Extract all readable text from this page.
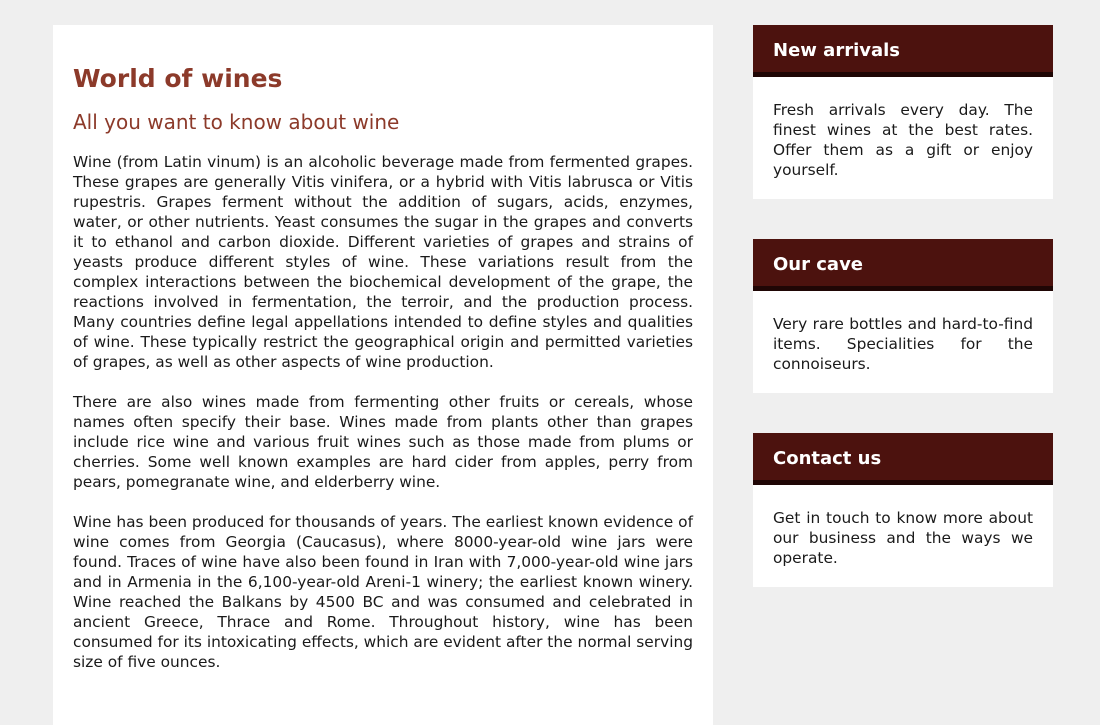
World of wines
All you want to know about wine

Wine (from Latin vinum) is an alcoholic beverage made from fermented grapes. These grapes are generally Vitis vinifera, or a hybrid with Vitis labrusca or Vitis rupestris. Grapes ferment without the addition of sugars, acids, enzymes, water, or other nutrients. Yeast consumes the sugar in the grapes and converts it to ethanol and carbon dioxide. Different varieties of grapes and strains of yeasts produce different styles of wine. These variations result from the complex interactions between the biochemical development of the grape, the reactions involved in fermentation, the terroir, and the production process. Many countries define legal appellations intended to define styles and qualities of wine. These typically restrict the geographical origin and permitted varieties of grapes, as well as other aspects of wine production.

There are also wines made from fermenting other fruits or cereals, whose names often specify their base. Wines made from plants other than grapes include rice wine and various fruit wines such as those made from plums or cherries. Some well known examples are hard cider from apples, perry from pears, pomegranate wine, and elderberry wine.

Wine has been produced for thousands of years. The earliest known evidence of wine comes from Georgia (Caucasus), where 8000-year-old wine jars were found. Traces of wine have also been found in Iran with 7,000-year-old wine jars and in Armenia in the 6,100-year-old Areni-1 winery; the earliest known winery. Wine reached the Balkans by 4500 BC and was consumed and celebrated in ancient Greece, Thrace and Rome. Throughout history, wine has been consumed for its intoxicating effects, which are evident after the normal serving size of five ounces.

New arrivals
Fresh arrivals every day. The finest wines at the best rates. Offer them as a gift or enjoy yourself.
Our cave
Very rare bottles and hard-to-find items. Specialities for the connoiseurs.
Contact us
Get in touch to know more about our business and the ways we operate.
